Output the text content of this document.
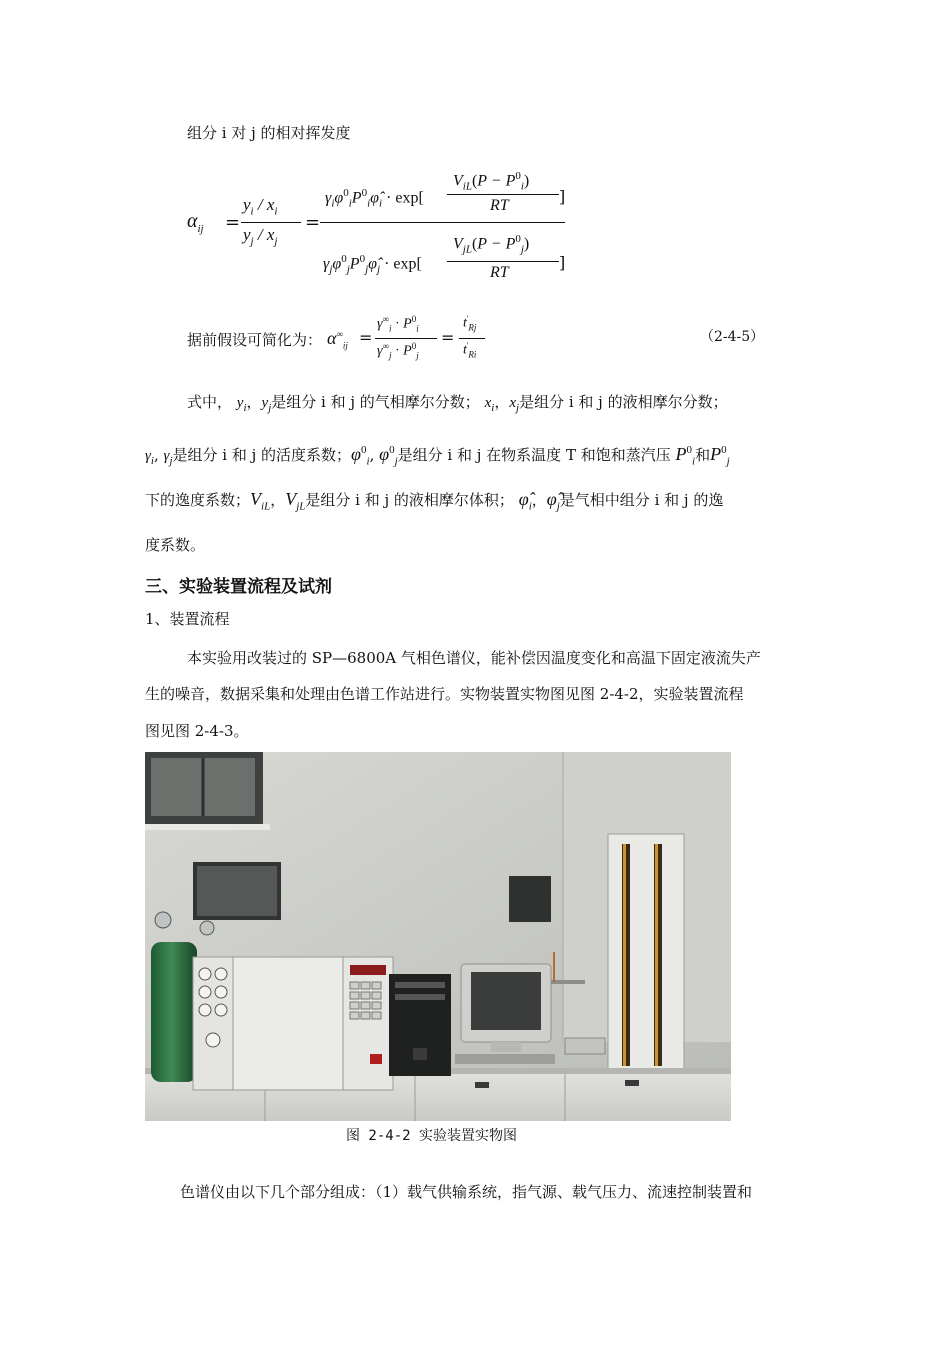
组分 i 对 j 的相对挥发度
$\alpha_{ij}$ =
$y_i / x_i$
$y_j / x_j$
=
$\gamma_i\varphi^0_iP^0_i\varphî_i \cdot \exp$[
$V_{iL}(P - P^0_i)$
RT	]
$\gamma_j\varphi^0_jP^0_j\varphî_j \cdot \exp$[
$V_{jL}(P - P^0_j)$
RT
]
据前假设可简化为： $\alpha^\infty_{ij}$ =
$\gamma^\infty_i \cdot P^0_i$
$\gamma^\infty_j \cdot P^0_j$
=
$t'_{Rj}$
$t'_{Ri}$
（2-4-5）
式中， $y_i$，$y_j$是组分 i 和 j 的气相摩尔分数； $x_i$，$x_j$是组分 i 和 j 的液相摩尔分数；
$\gamma_i$, $\gamma_j$是组分 i 和 j 的活度系数；$\varphi^0_i$, $\varphi^0_j$是组分 i 和 j 在物系温度 T 和饱和蒸汽压 $P^0_i$和$P^0_j$
下的逸度系数；$V_{iL}$，$V_{jL}$是组分 i 和 j 的液相摩尔体积； $\varphî_i$，$\varphî_j$是气相中组分 i 和 j 的逸
度系数。
三、实验装置流程及试剂
1、装置流程
本实验用改装过的 SP—6800A 气相色谱仪，能补偿因温度变化和高温下固定液流失产
生的噪音，数据采集和处理由色谱工作站进行。实物装置实物图见图 2-4-2，实验装置流程
图见图 2-4-3。
图 2-4-2 实验装置实物图
色谱仪由以下几个部分组成：（1）载气供输系统，指气源、载气压力、流速控制装置和
